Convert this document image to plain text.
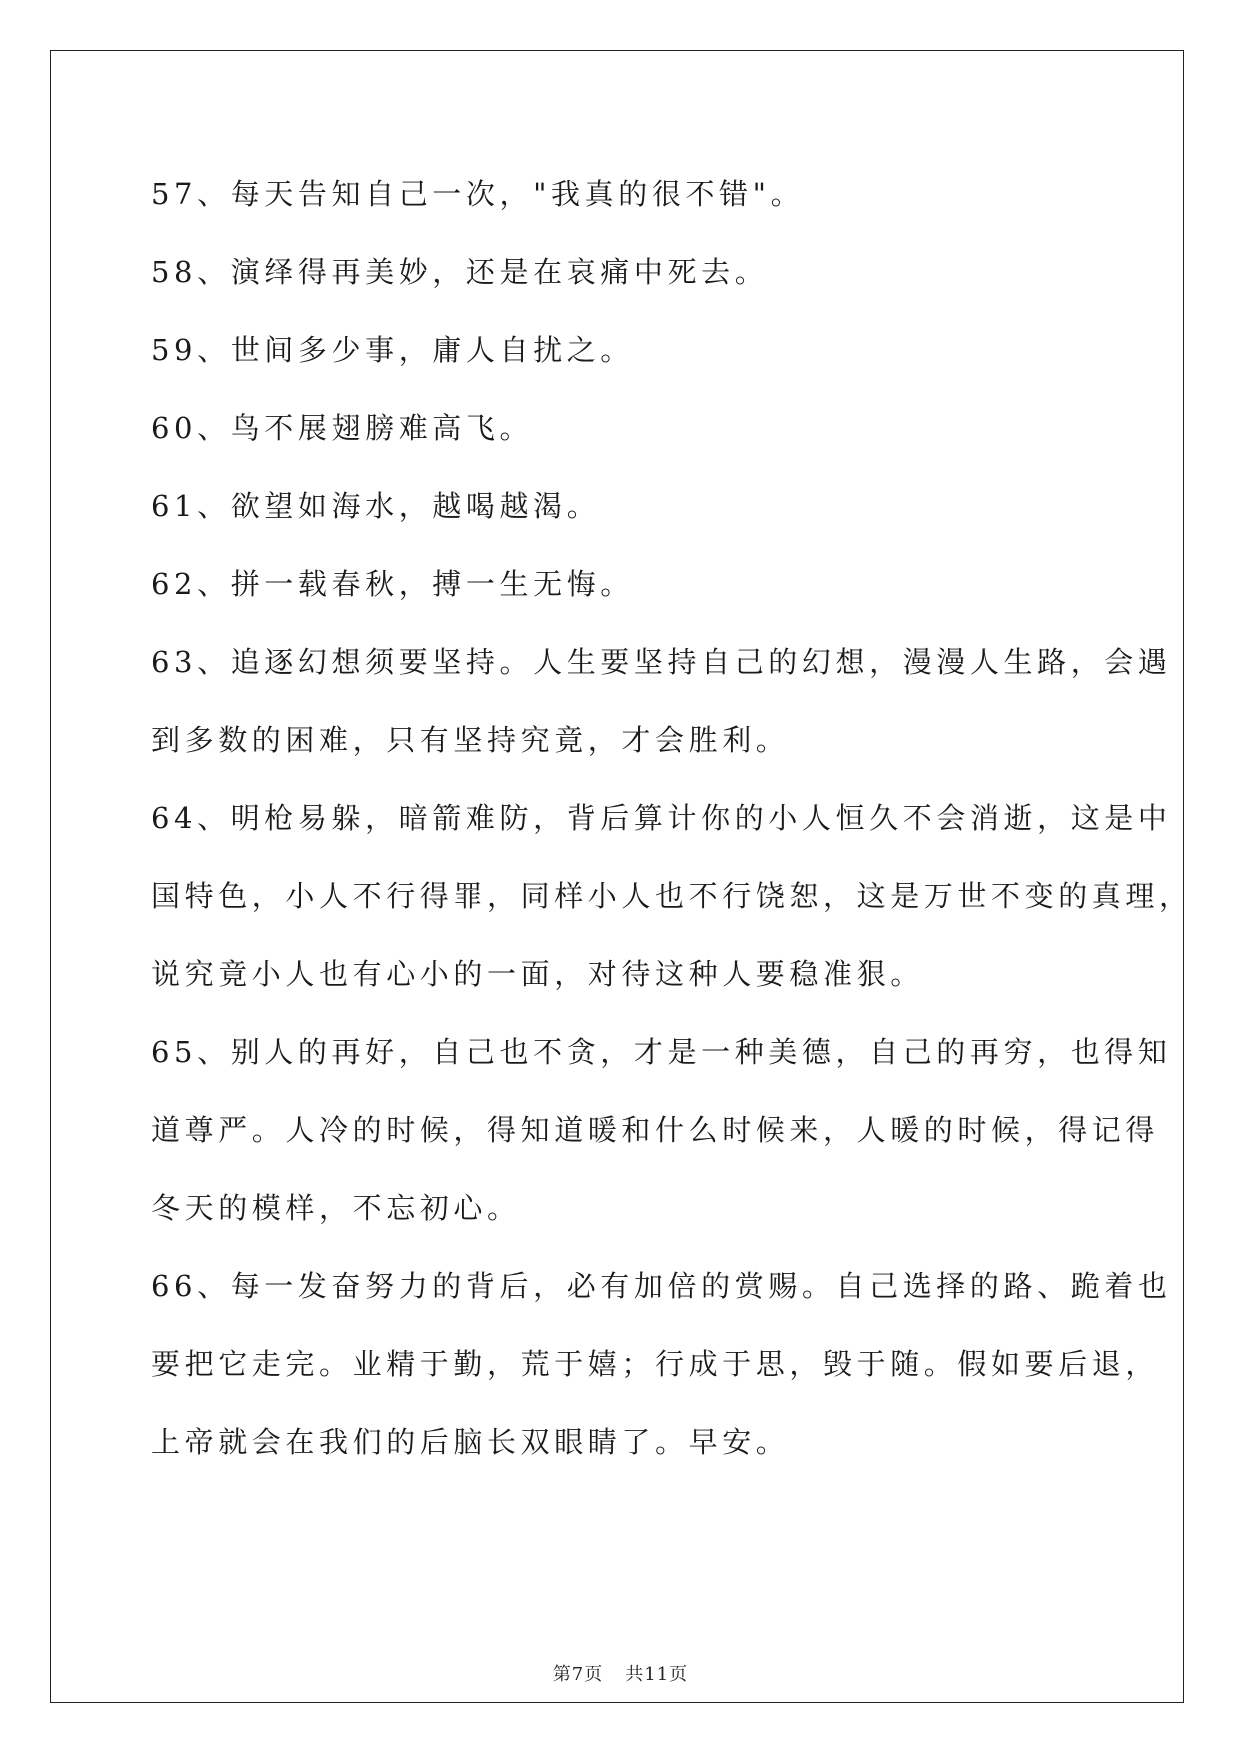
57、每天告知自己一次，"我真的很不错"。

58、演绎得再美妙，还是在哀痛中死去。

59、世间多少事，庸人自扰之。

60、鸟不展翅膀难高飞。

61、欲望如海水，越喝越渴。

62、拼一载春秋，搏一生无悔。

63、追逐幻想须要坚持。人生要坚持自己的幻想，漫漫人生路，会遇

到多数的困难，只有坚持究竟，才会胜利。

64、明枪易躲，暗箭难防，背后算计你的小人恒久不会消逝，这是中

国特色，小人不行得罪，同样小人也不行饶恕，这是万世不变的真理，

说究竟小人也有心小的一面，对待这种人要稳准狠。

65、别人的再好，自己也不贪，才是一种美德，自己的再穷，也得知

道尊严。人冷的时候，得知道暖和什么时候来，人暖的时候，得记得

冬天的模样，不忘初心。

66、每一发奋努力的背后，必有加倍的赏赐。自己选择的路、跪着也

要把它走完。业精于勤，荒于嬉；行成于思，毁于随。假如要后退，

上帝就会在我们的后脑长双眼睛了。早安。

第7页 共11页
